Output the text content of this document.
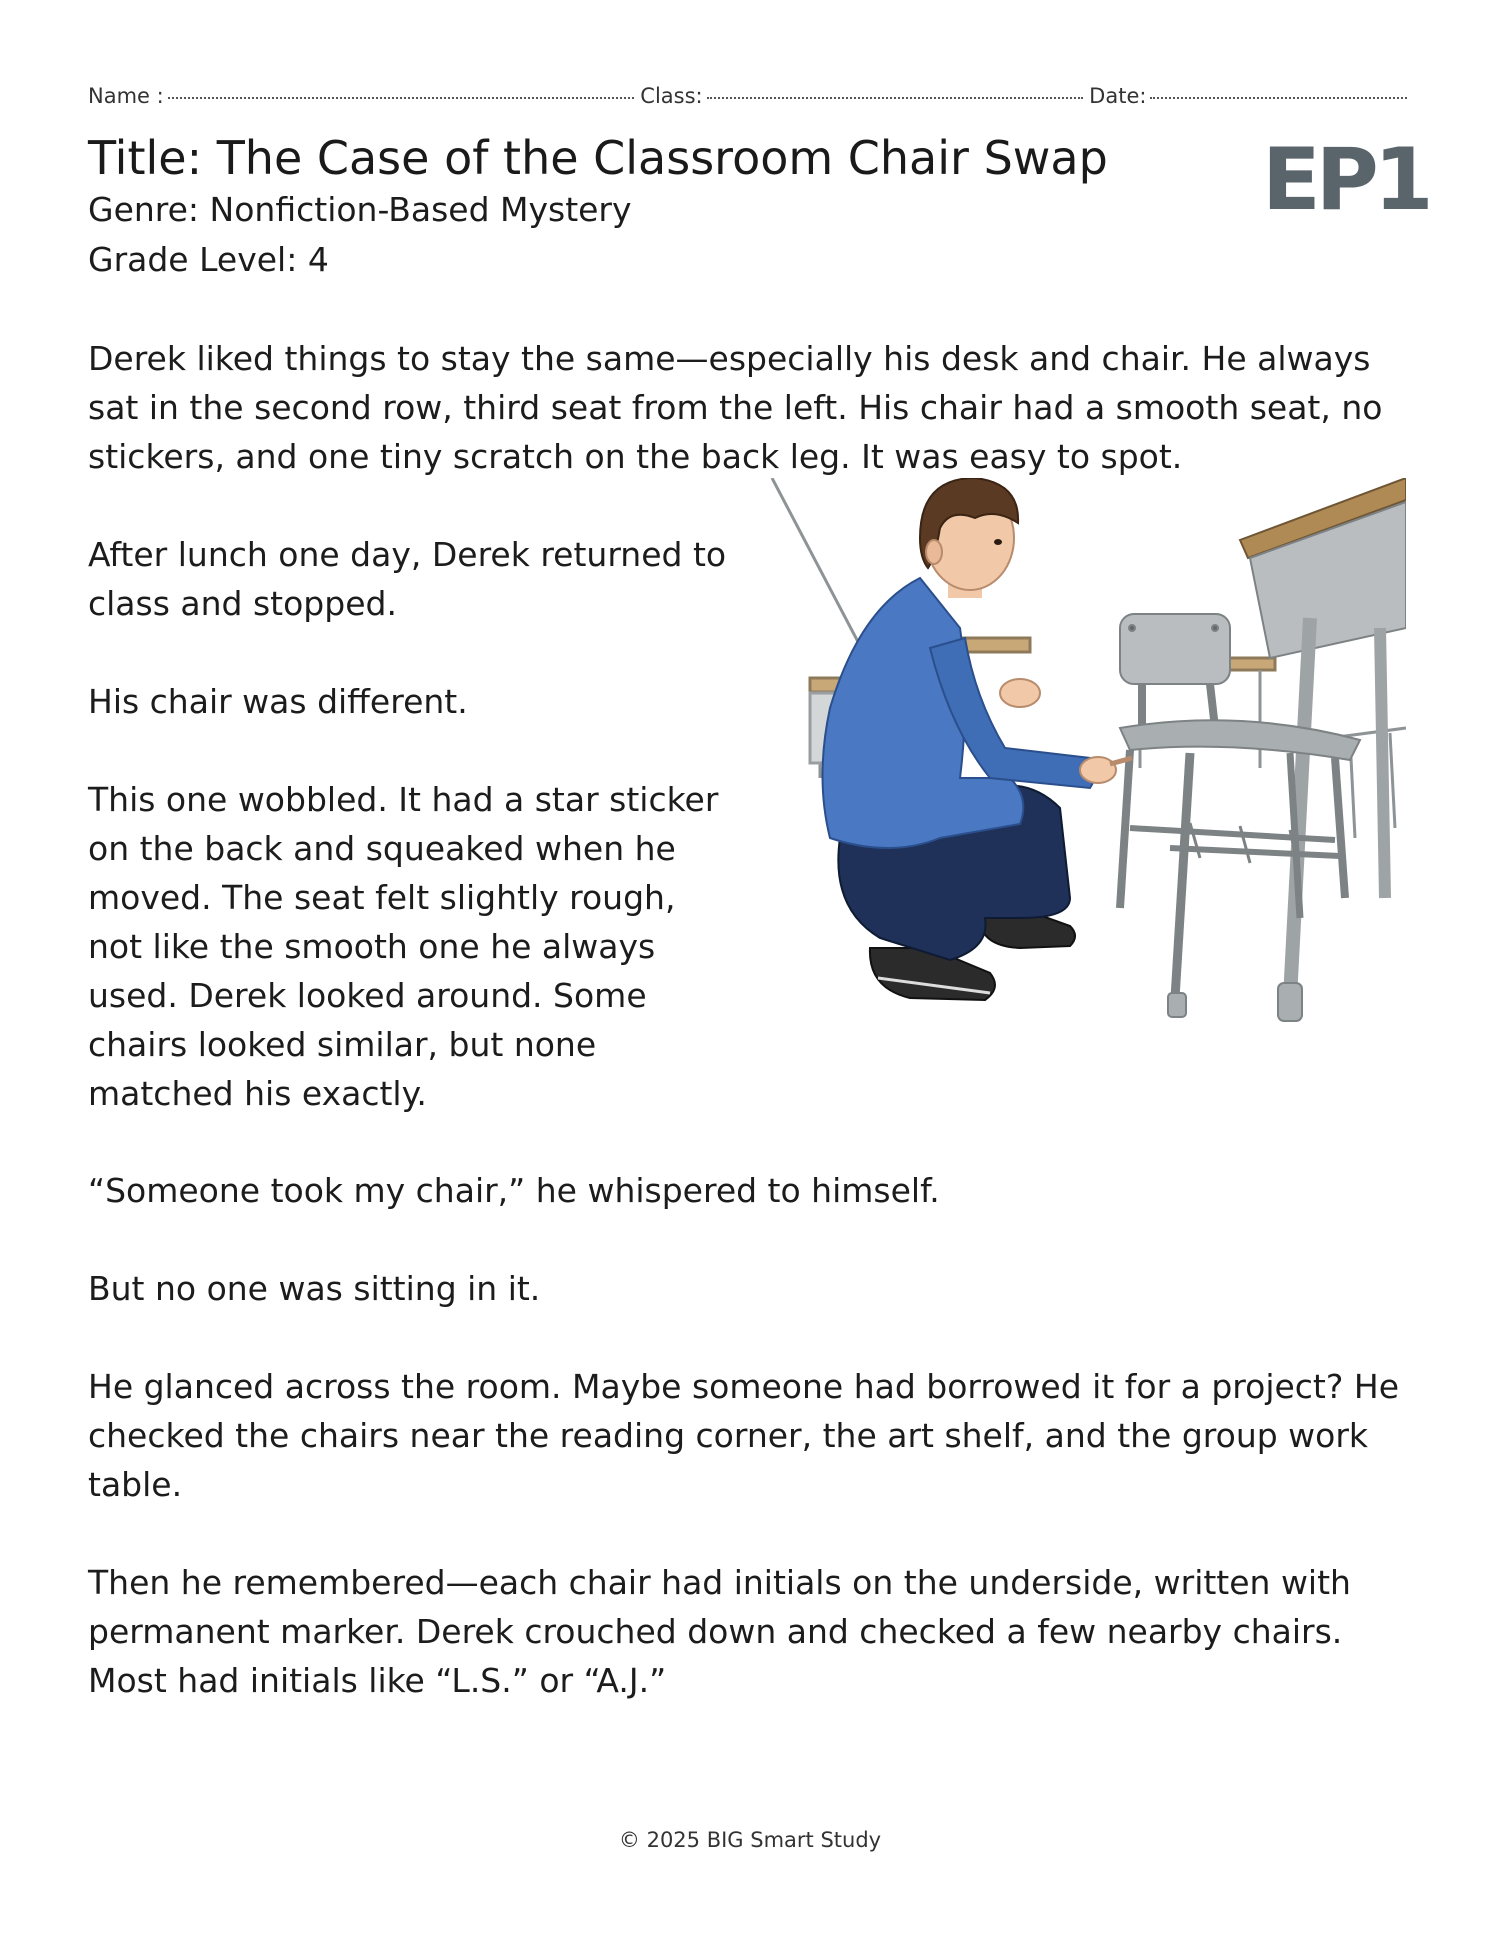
Name :	Class:	Date:
Title: The Case of the Classroom Chair Swap
Genre: Nonfiction-Based Mystery
Grade Level: 4
EP1

Derek liked things to stay the same—especially his desk and chair. He always sat in the second row, third seat from the left. His chair had a smooth seat, no stickers, and one tiny scratch on the back leg. It was easy to spot.

After lunch one day, Derek returned to class and stopped.

His chair was different.

This one wobbled. It had a star sticker on the back and squeaked when he moved. The seat felt slightly rough, not like the smooth one he always used. Derek looked around. Some chairs looked similar, but none matched his exactly.

“Someone took my chair,” he whispered to himself.

But no one was sitting in it.

He glanced across the room. Maybe someone had borrowed it for a project? He checked the chairs near the reading corner, the art shelf, and the group work table.

Then he remembered—each chair had initials on the underside, written with permanent marker. Derek crouched down and checked a few nearby chairs. Most had initials like “L.S.” or “A.J.”

© 2025 BIG Smart Study
